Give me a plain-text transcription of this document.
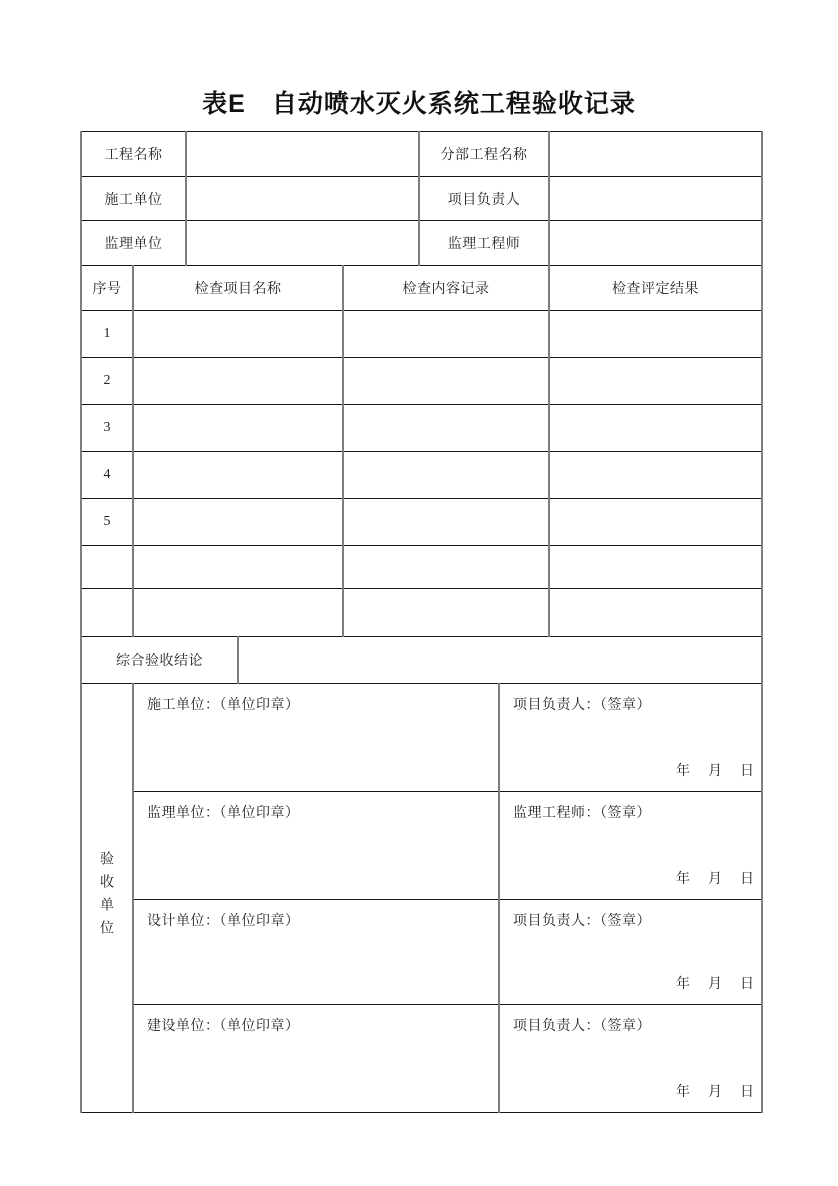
表E　自动喷水灭火系统工程验收记录
工程名称					分部工程名称		
施工单位					项目负责人		
监理单位					监理工程师		
序号	检查项目名称			检查内容记录			检查评定结果
1							
2							
3							
4							
5							

综合验收结论							
验收单位	施工单位：（单位印章）					项目负责人：（签章）
年　月　日	

	监理单位：（单位印章）					监理工程师：（签章）
年　月　日	

	设计单位：（单位印章）					项目负责人：（签章）
年　月　日	

	建设单位：（单位印章）					项目负责人：（签章）
年　月　日	
